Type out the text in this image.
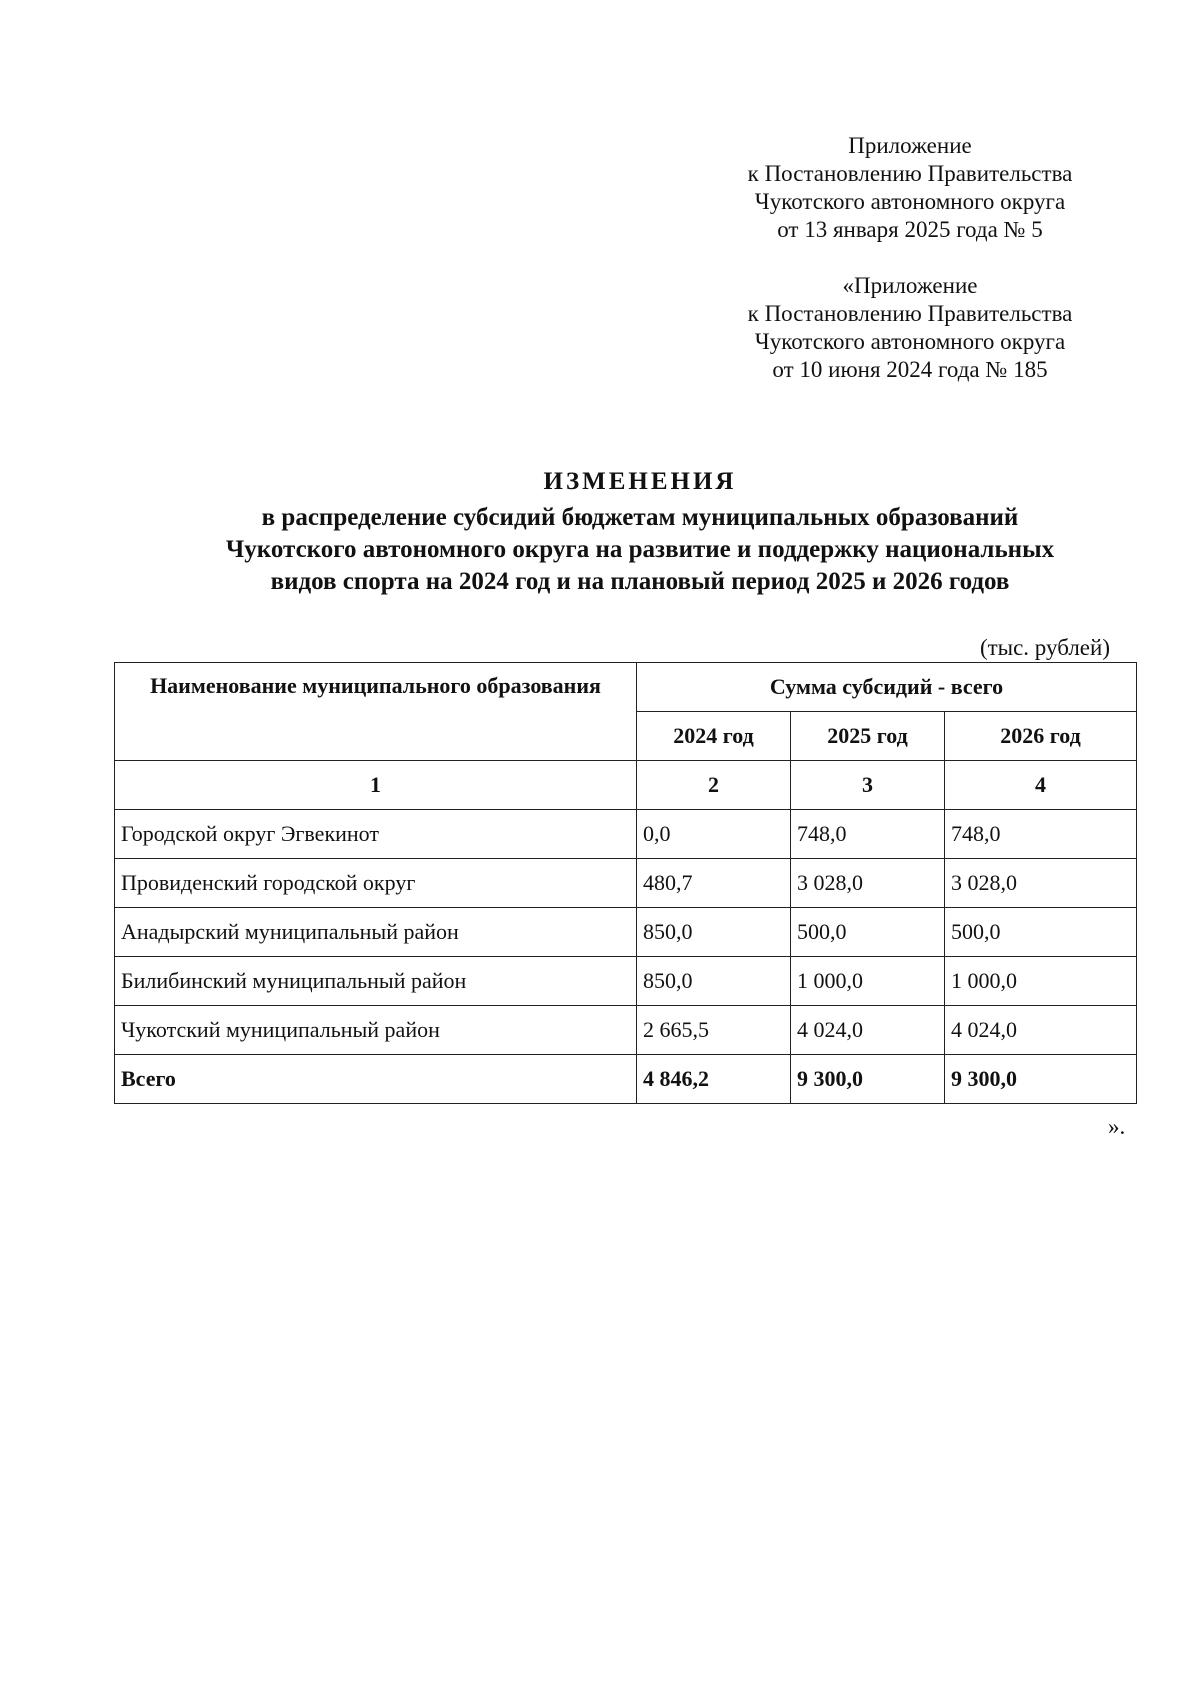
Приложение
к Постановлению Правительства
Чукотского автономного округа
от 13 января 2025 года № 5
«Приложение
к Постановлению Правительства
Чукотского автономного округа
от 10 июня 2024 года № 185
ИЗМЕНЕНИЯ
в распределение субсидий бюджетам муниципальных образований
Чукотского автономного округа на развитие и поддержку национальных
видов спорта на 2024 год и на плановый период 2025 и 2026 годов
(тыс. рублей)
Наименование муниципального образования	Сумма субсидий - всего		
	2024 год	2025 год	2026 год
1	2	3	4
Городской округ Эгвекинот	0,0	748,0	748,0
Провиденский городской округ	480,7	3 028,0	3 028,0
Анадырский муниципальный район	850,0	500,0	500,0
Билибинский муниципальный район	850,0	1 000,0	1 000,0
Чукотский муниципальный район	2 665,5	4 024,0	4 024,0
Всего	4 846,2	9 300,0	9 300,0
».
